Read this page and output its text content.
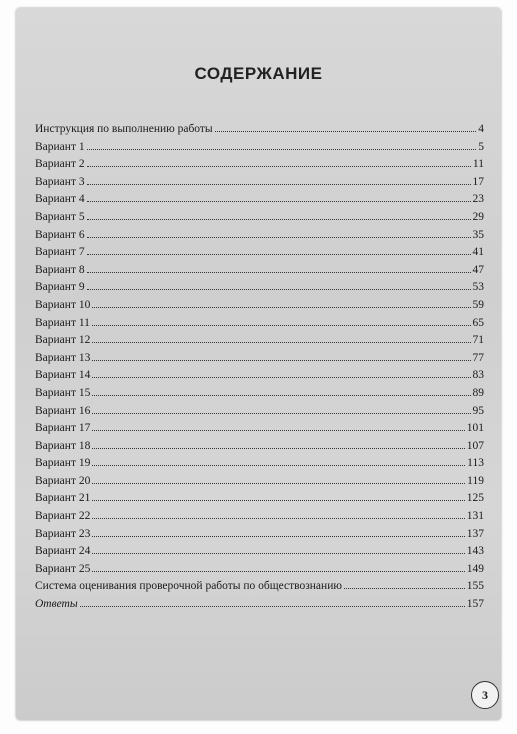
СОДЕРЖАНИЕ
Инструкция по выполнению работы	4
Вариант 1	5
Вариант 2	11
Вариант 3	17
Вариант 4	23
Вариант 5	29
Вариант 6	35
Вариант 7	41
Вариант 8	47
Вариант 9	53
Вариант 10	59
Вариант 11	65
Вариант 12	71
Вариант 13	77
Вариант 14	83
Вариант 15	89
Вариант 16	95
Вариант 17	101
Вариант 18	107
Вариант 19	113
Вариант 20	119
Вариант 21	125
Вариант 22	131
Вариант 23	137
Вариант 24	143
Вариант 25	149
Система оценивания проверочной работы по обществознанию	155
Ответы	157
3
